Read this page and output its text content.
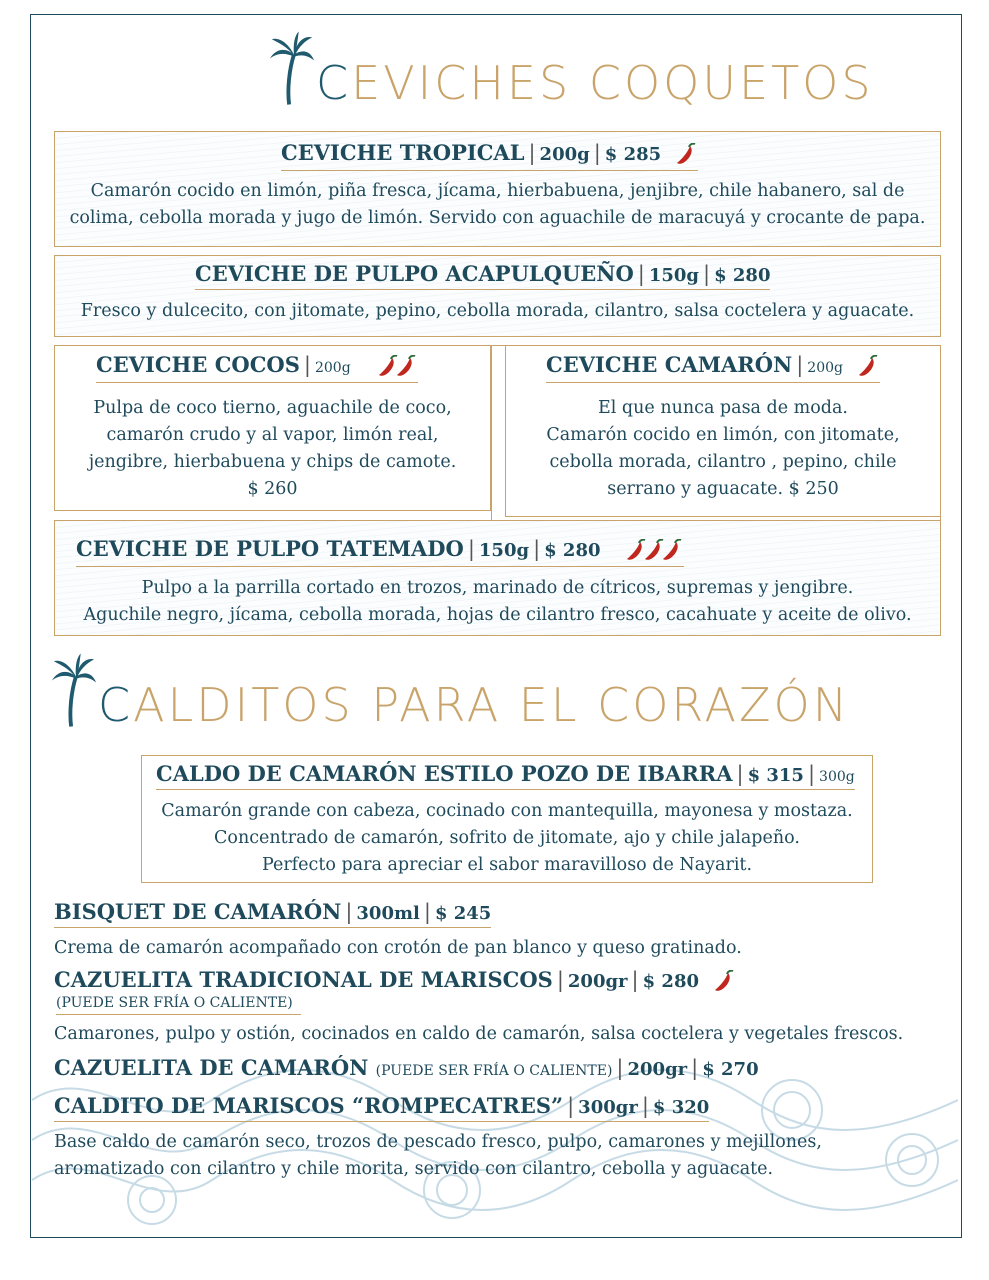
CEVICHES COQUETOS
CEVICHE TROPICAL | 200g | $ 285
Camarón cocido en limón, piña fresca, jícama, hierbabuena, jenjibre, chile habanero, sal de colima, cebolla morada y jugo de limón. Servido con aguachile de maracuyá y crocante de papa.
CEVICHE DE PULPO ACAPULQUEÑO | 150g | $ 280
Fresco y dulcecito, con jitomate, pepino, cebolla morada, cilantro, salsa coctelera y aguacate.
CEVICHE COCOS | 200g
Pulpa de coco tierno, aguachile de coco,
camarón crudo y al vapor, limón real,
jengibre, hierbabuena y chips de camote.
$ 260
CEVICHE CAMARÓN | 200g
El que nunca pasa de moda.
Camarón cocido en limón, con jitomate,
cebolla morada, cilantro , pepino, chile
serrano y aguacate. $ 250
CEVICHE DE PULPO TATEMADO | 150g | $ 280
Pulpo a la parrilla cortado en trozos, marinado de cítricos, supremas y jengibre.
Aguchile negro, jícama, cebolla morada, hojas de cilantro fresco, cacahuate y aceite de olivo.
CALDITOS PARA EL CORAZÓN
CALDO DE CAMARÓN ESTILO POZO DE IBARRA | $ 315 | 300g
Camarón grande con cabeza, cocinado con mantequilla, mayonesa y mostaza.
Concentrado de camarón, sofrito de jitomate, ajo y chile jalapeño.
Perfecto para apreciar el sabor maravilloso de Nayarit.
BISQUET DE CAMARÓN | 300ml | $ 245
Crema de camarón acompañado con crotón de pan blanco y queso gratinado.
CAZUELITA TRADICIONAL DE MARISCOS | 200gr | $ 280
(PUEDE SER FRÍA O CALIENTE)
Camarones, pulpo y ostión, cocinados en caldo de camarón, salsa coctelera y vegetales frescos.
CAZUELITA DE CAMARÓN (PUEDE SER FRÍA O CALIENTE) | 200gr | $ 270
CALDITO DE MARISCOS “ROMPECATRES” | 300gr | $ 320
Base caldo de camarón seco, trozos de pescado fresco, pulpo, camarones y mejillones,
aromatizado con cilantro y chile morita, servido con cilantro, cebolla y aguacate.
